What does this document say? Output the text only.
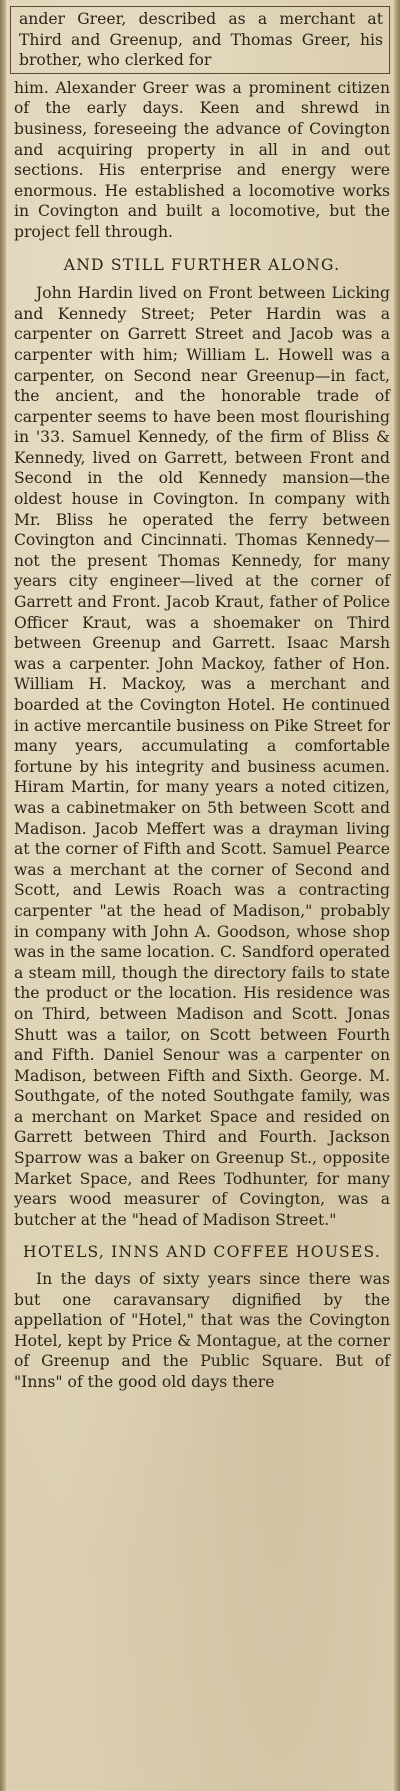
ander Greer, described as a merchant at Third and Greenup, and Thomas Greer, his brother, who clerked for

him. Alexander Greer was a prominent citizen of the early days. Keen and shrewd in business, foreseeing the advance of Covington and acquiring property in all in and out sections. His enterprise and energy were enormous. He established a locomotive works in Covington and built a locomotive, but the project fell through.

AND STILL FURTHER ALONG.

John Hardin lived on Front between Licking and Kennedy Street; Peter Hardin was a carpenter on Garrett Street and Jacob was a carpenter with him; William L. Howell was a carpenter, on Second near Greenup—in fact, the ancient, and the honorable trade of carpenter seems to have been most flourishing in '33. Samuel Kennedy, of the firm of Bliss & Kennedy, lived on Garrett, between Front and Second in the old Kennedy mansion—the oldest house in Covington. In company with Mr. Bliss he operated the ferry between Covington and Cincinnati. Thomas Kennedy—not the present Thomas Kennedy, for many years city engineer—lived at the corner of Garrett and Front. Jacob Kraut, father of Police Officer Kraut, was a shoemaker on Third between Greenup and Garrett. Isaac Marsh was a carpenter. John Mackoy, father of Hon. William H. Mackoy, was a merchant and boarded at the Covington Hotel. He continued in active mercantile business on Pike Street for many years, accumulating a comfortable fortune by his integrity and business acumen. Hiram Martin, for many years a noted citizen, was a cabinetmaker on 5th between Scott and Madison. Jacob Meffert was a drayman living at the corner of Fifth and Scott. Samuel Pearce was a merchant at the corner of Second and Scott, and Lewis Roach was a contracting carpenter "at the head of Madison," probably in company with John A. Goodson, whose shop was in the same location. C. Sandford operated a steam mill, though the directory fails to state the product or the location. His residence was on Third, between Madison and Scott. Jonas Shutt was a tailor, on Scott between Fourth and Fifth. Daniel Senour was a carpenter on Madison, between Fifth and Sixth. George. M. Southgate, of the noted Southgate family, was a merchant on Market Space and resided on Garrett between Third and Fourth. Jackson Sparrow was a baker on Greenup St., opposite Market Space, and Rees Todhunter, for many years wood measurer of Covington, was a butcher at the "head of Madison Street."

HOTELS, INNS AND COFFEE HOUSES.

In the days of sixty years since there was but one caravansary dignified by the appellation of "Hotel," that was the Covington Hotel, kept by Price & Montague, at the corner of Greenup and the Public Square. But of "Inns" of the good old days there
